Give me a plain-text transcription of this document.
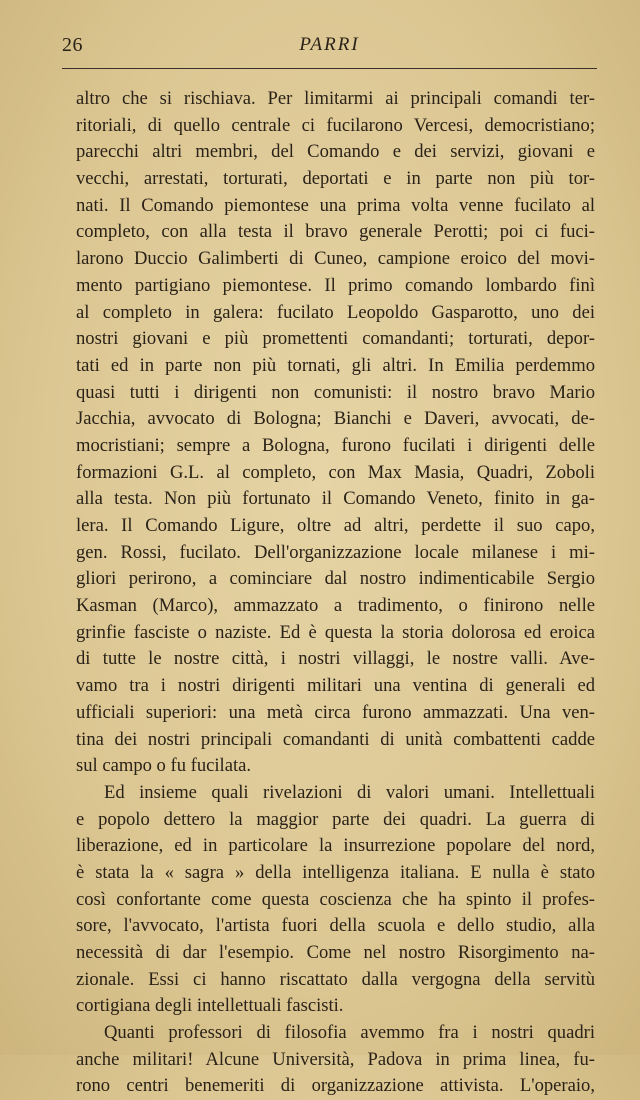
26	PARRI
altro che si rischiava. Per limitarmi ai principali comandi ter-
ritoriali, di quello centrale ci fucilarono Vercesi, democristiano;
parecchi altri membri, del Comando e dei servizi, giovani e
vecchi, arrestati, torturati, deportati e in parte non più tor-
nati. Il Comando piemontese una prima volta venne fucilato al
completo, con alla testa il bravo generale Perotti; poi ci fuci-
larono Duccio Galimberti di Cuneo, campione eroico del movi-
mento partigiano piemontese. Il primo comando lombardo finì
al completo in galera: fucilato Leopoldo Gasparotto, uno dei
nostri giovani e più promettenti comandanti; torturati, depor-
tati ed in parte non più tornati, gli altri. In Emilia perdemmo
quasi tutti i dirigenti non comunisti: il nostro bravo Mario
Jacchia, avvocato di Bologna; Bianchi e Daveri, avvocati, de-
mocristiani; sempre a Bologna, furono fucilati i dirigenti delle
formazioni G.L. al completo, con Max Masia, Quadri, Zoboli
alla testa. Non più fortunato il Comando Veneto, finito in ga-
lera. Il Comando Ligure, oltre ad altri, perdette il suo capo,
gen. Rossi, fucilato. Dell'organizzazione locale milanese i mi-
gliori perirono, a cominciare dal nostro indimenticabile Sergio
Kasman (Marco), ammazzato a tradimento, o finirono nelle
grinfie fasciste o naziste. Ed è questa la storia dolorosa ed eroica
di tutte le nostre città, i nostri villaggi, le nostre valli. Ave-
vamo tra i nostri dirigenti militari una ventina di generali ed
ufficiali superiori: una metà circa furono ammazzati. Una ven-
tina dei nostri principali comandanti di unità combattenti cadde
sul campo o fu fucilata.
Ed insieme quali rivelazioni di valori umani. Intellettuali
e popolo dettero la maggior parte dei quadri. La guerra di
liberazione, ed in particolare la insurrezione popolare del nord,
è stata la « sagra » della intelligenza italiana. E nulla è stato
così confortante come questa coscienza che ha spinto il profes-
sore, l'avvocato, l'artista fuori della scuola e dello studio, alla
necessità di dar l'esempio. Come nel nostro Risorgimento na-
zionale. Essi ci hanno riscattato dalla vergogna della servitù
cortigiana degli intellettuali fascisti.
Quanti professori di filosofia avemmo fra i nostri quadri
anche militari! Alcune Università, Padova in prima linea, fu-
rono centri benemeriti di organizzazione attivista. L'operaio,
